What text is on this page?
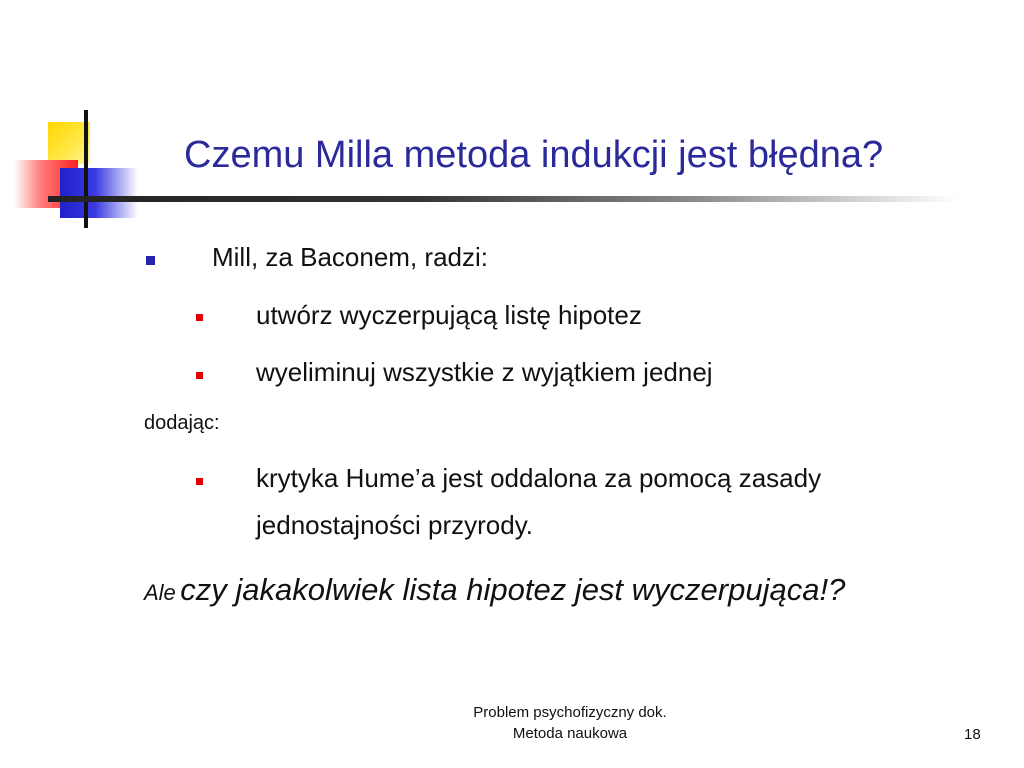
Czemu Milla metoda indukcji jest błędna?
Mill, za Baconem, radzi:
utwórz wyczerpującą listę hipotez
wyeliminuj wszystkie z wyjątkiem jednej
dodając:
krytyka Hume’a jest oddalona za pomocą zasady
jednostajności przyrody.
Ale czy jakakolwiek lista hipotez jest wyczerpująca!?
Problem psychofizyczny dok.
Metoda naukowa	18
